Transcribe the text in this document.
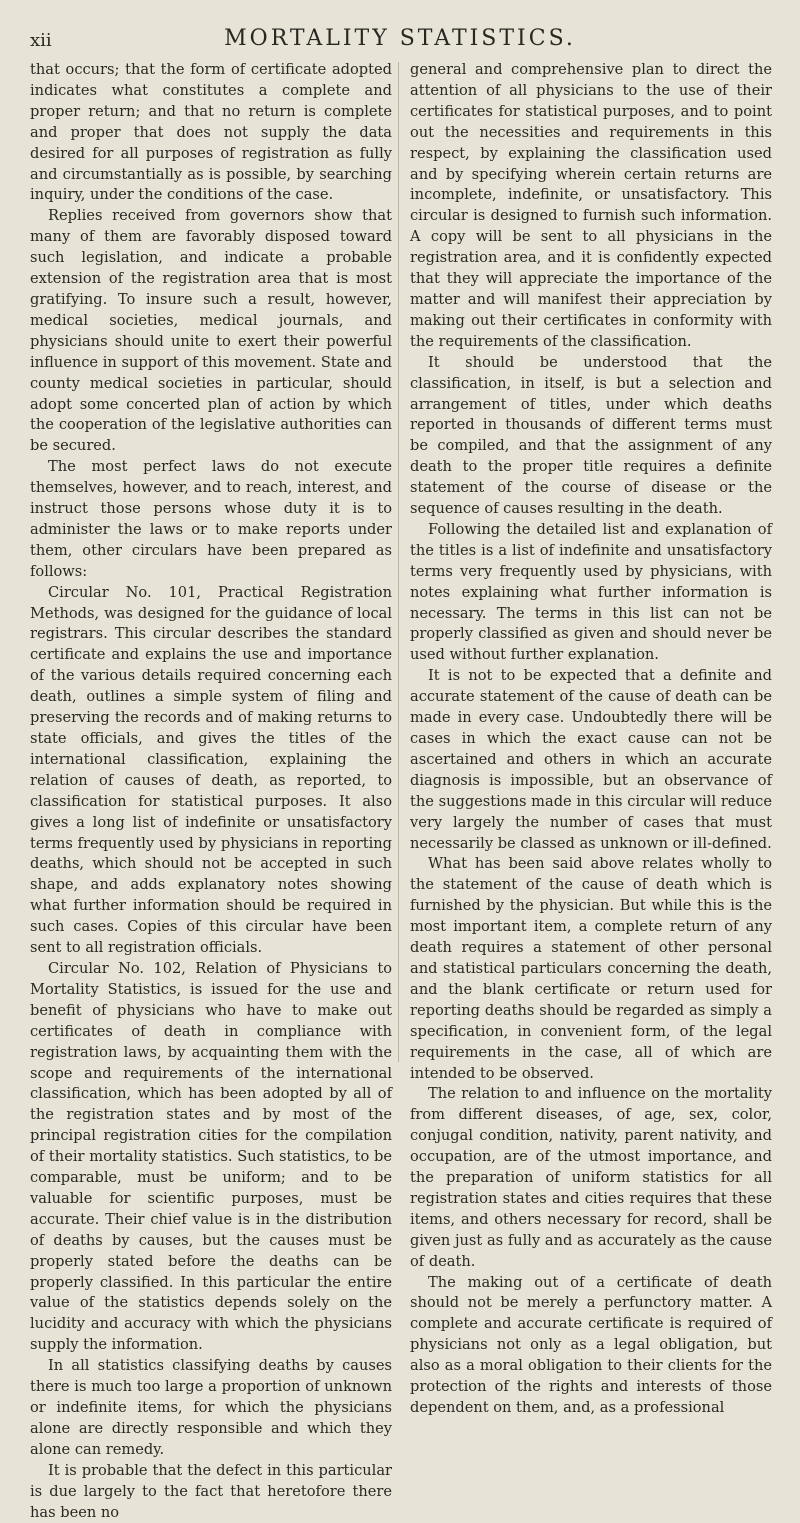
xii	MORTALITY STATISTICS.

that occurs; that the form of certificate adopted indicates what constitutes a complete and proper return; and that no return is complete and proper that does not supply the data desired for all purposes of registration as fully and circumstantially as is possible, by searching inquiry, under the conditions of the case.

Replies received from governors show that many of them are favorably disposed toward such legislation, and indicate a probable extension of the registration area that is most gratifying. To insure such a result, however, medical societies, medical journals, and physicians should unite to exert their powerful influence in support of this movement. State and county medical societies in particular, should adopt some concerted plan of action by which the cooperation of the legislative authorities can be secured.

The most perfect laws do not execute themselves, however, and to reach, interest, and instruct those persons whose duty it is to administer the laws or to make reports under them, other circulars have been prepared as follows:

Circular No. 101, Practical Registration Methods, was designed for the guidance of local registrars. This circular describes the standard certificate and explains the use and importance of the various details required concerning each death, outlines a simple system of filing and preserving the records and of making returns to state officials, and gives the titles of the international classification, explaining the relation of causes of death, as reported, to classification for statistical purposes. It also gives a long list of indefinite or unsatisfactory terms frequently used by physicians in reporting deaths, which should not be accepted in such shape, and adds explanatory notes showing what further information should be required in such cases. Copies of this circular have been sent to all registration officials.

Circular No. 102, Relation of Physicians to Mortality Statistics, is issued for the use and benefit of physicians who have to make out certificates of death in compliance with registration laws, by acquainting them with the scope and requirements of the international classification, which has been adopted by all of the registration states and by most of the principal registration cities for the compilation of their mortality statistics. Such statistics, to be comparable, must be uniform; and to be valuable for scientific purposes, must be accurate. Their chief value is in the distribution of deaths by causes, but the causes must be properly stated before the deaths can be properly classified. In this particular the entire value of the statistics depends solely on the lucidity and accuracy with which the physicians supply the information.

In all statistics classifying deaths by causes there is much too large a proportion of unknown or indefinite items, for which the physicians alone are directly responsible and which they alone can remedy.

It is probable that the defect in this particular is due largely to the fact that heretofore there has been no

general and comprehensive plan to direct the attention of all physicians to the use of their certificates for statistical purposes, and to point out the necessities and requirements in this respect, by explaining the classification used and by specifying wherein certain returns are incomplete, indefinite, or unsatisfactory. This circular is designed to furnish such information. A copy will be sent to all physicians in the registration area, and it is confidently expected that they will appreciate the importance of the matter and will manifest their appreciation by making out their certificates in conformity with the requirements of the classification.

It should be understood that the classification, in itself, is but a selection and arrangement of titles, under which deaths reported in thousands of different terms must be compiled, and that the assignment of any death to the proper title requires a definite statement of the course of disease or the sequence of causes resulting in the death.

Following the detailed list and explanation of the titles is a list of indefinite and unsatisfactory terms very frequently used by physicians, with notes explaining what further information is necessary. The terms in this list can not be properly classified as given and should never be used without further explanation.

It is not to be expected that a definite and accurate statement of the cause of death can be made in every case. Undoubtedly there will be cases in which the exact cause can not be ascertained and others in which an accurate diagnosis is impossible, but an observance of the suggestions made in this circular will reduce very largely the number of cases that must necessarily be classed as unknown or ill-defined.

What has been said above relates wholly to the statement of the cause of death which is furnished by the physician. But while this is the most important item, a complete return of any death requires a statement of other personal and statistical particulars concerning the death, and the blank certificate or return used for reporting deaths should be regarded as simply a specification, in convenient form, of the legal requirements in the case, all of which are intended to be observed.

The relation to and influence on the mortality from different diseases, of age, sex, color, conjugal condition, nativity, parent nativity, and occupation, are of the utmost importance, and the preparation of uniform statistics for all registration states and cities requires that these items, and others necessary for record, shall be given just as fully and as accurately as the cause of death.

The making out of a certificate of death should not be merely a perfunctory matter. A complete and accurate certificate is required of physicians not only as a legal obligation, but also as a moral obligation to their clients for the protection of the rights and interests of those dependent on them, and, as a professional
